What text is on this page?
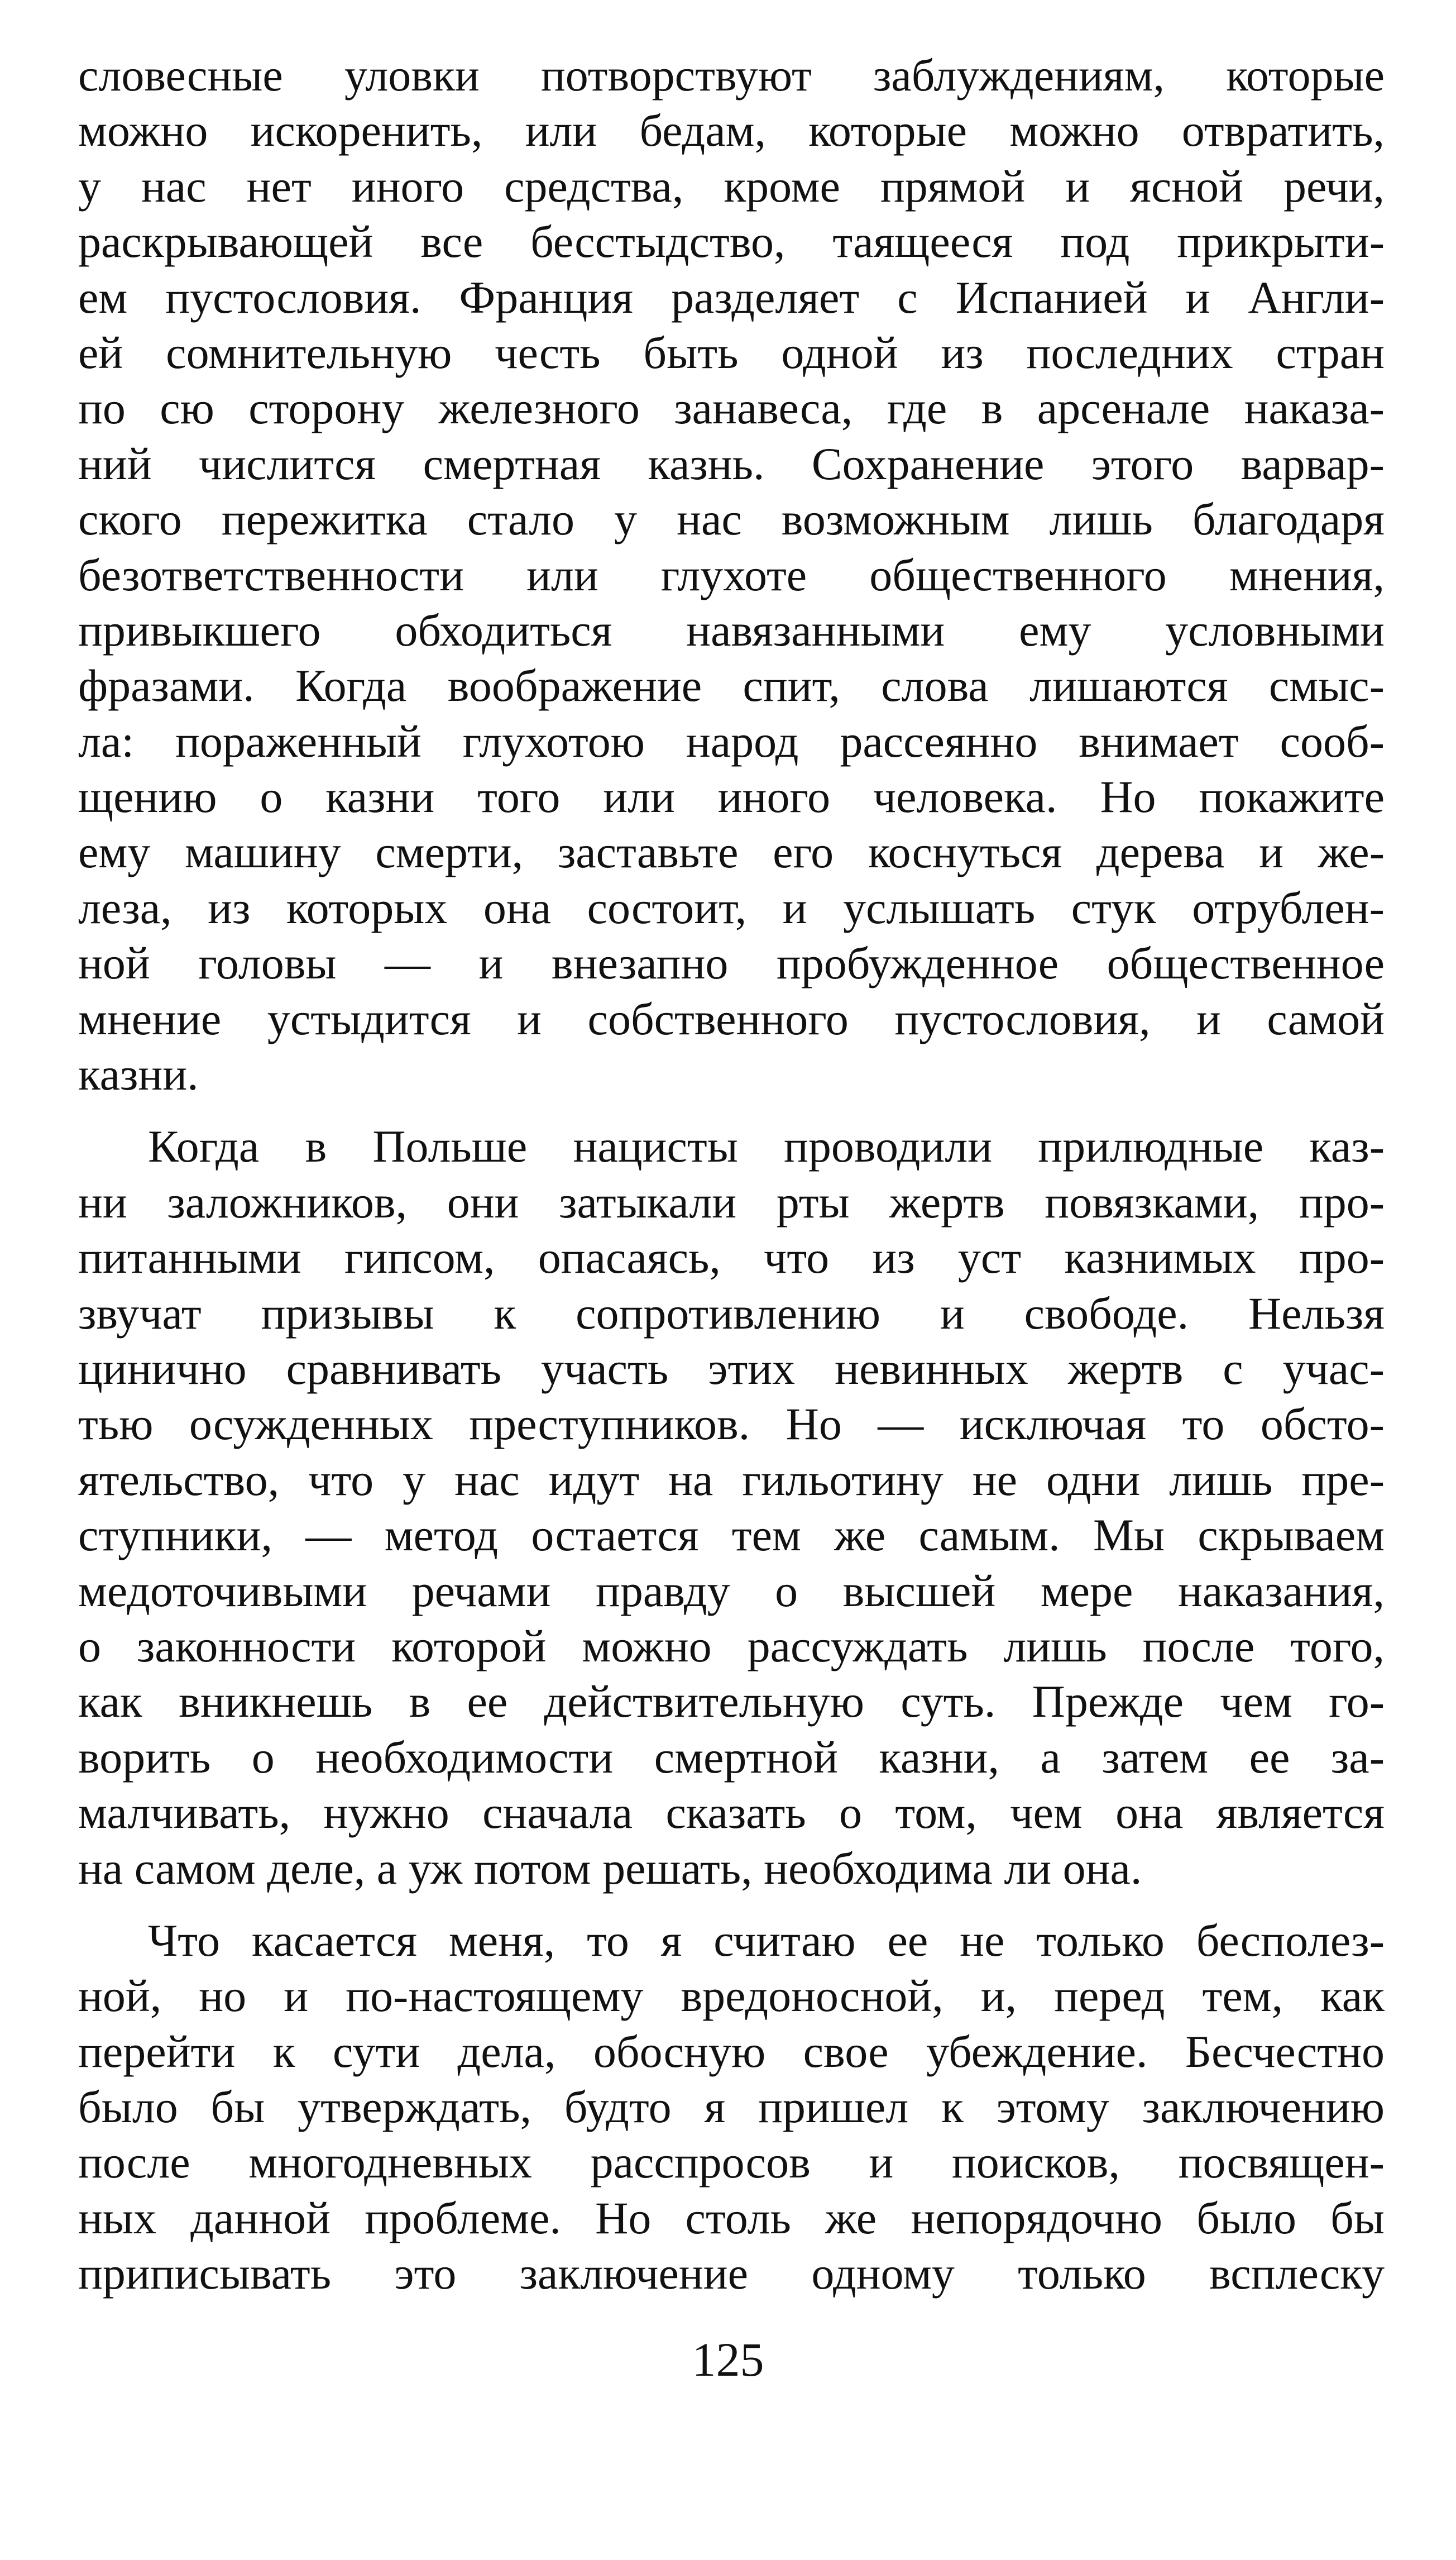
словесные уловки потворствуют заблуждениям, которые
можно искоренить, или бедам, которые можно отвратить,
у нас нет иного средства, кроме прямой и ясной речи,
раскрывающей все бесстыдство, таящееся под прикрыти-
ем пустословия. Франция разделяет с Испанией и Англи-
ей сомнительную честь быть одной из последних стран
по сю сторону железного занавеса, где в арсенале наказа-
ний числится смертная казнь. Сохранение этого варвар-
ского пережитка стало у нас возможным лишь благодаря
безответственности или глухоте общественного мнения,
привыкшего обходиться навязанными ему условными
фразами. Когда воображение спит, слова лишаются смыс-
ла: пораженный глухотою народ рассеянно внимает сооб-
щению о казни того или иного человека. Но покажите
ему машину смерти, заставьте его коснуться дерева и же-
леза, из которых она состоит, и услышать стук отрублен-
ной головы — и внезапно пробужденное общественное
мнение устыдится и собственного пустословия, и самой
казни.
Когда в Польше нацисты проводили прилюдные каз-
ни заложников, они затыкали рты жертв повязками, про-
питанными гипсом, опасаясь, что из уст казнимых про-
звучат призывы к сопротивлению и свободе. Нельзя
цинично сравнивать участь этих невинных жертв с учас-
тью осужденных преступников. Но — исключая то обсто-
ятельство, что у нас идут на гильотину не одни лишь пре-
ступники, — метод остается тем же самым. Мы скрываем
медоточивыми речами правду о высшей мере наказания,
о законности которой можно рассуждать лишь после того,
как вникнешь в ее действительную суть. Прежде чем го-
ворить о необходимости смертной казни, а затем ее за-
малчивать, нужно сначала сказать о том, чем она является
на самом деле, а уж потом решать, необходима ли она.
Что касается меня, то я считаю ее не только бесполез-
ной, но и по-настоящему вредоносной, и, перед тем, как
перейти к сути дела, обосную свое убеждение. Бесчестно
было бы утверждать, будто я пришел к этому заключению
после многодневных расспросов и поисков, посвящен-
ных данной проблеме. Но столь же непорядочно было бы
приписывать это заключение одному только всплеску
125
